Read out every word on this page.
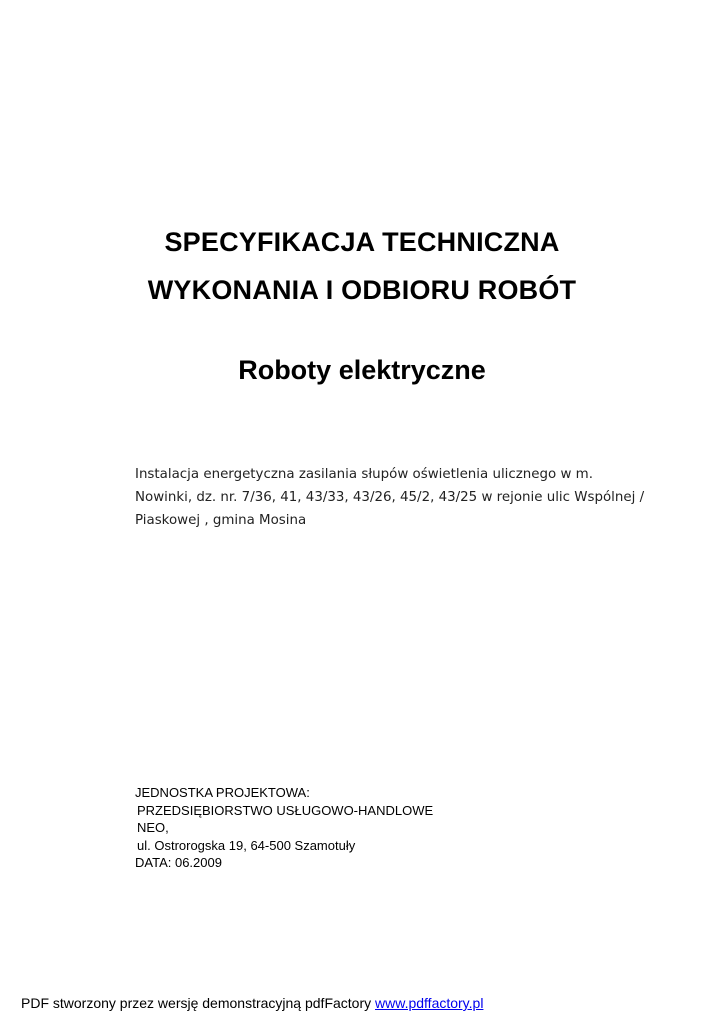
SPECYFIKACJA TECHNICZNA
WYKONANIA I ODBIORU ROBÓT
Roboty elektryczne
Instalacja energetyczna zasilania słupów oświetlenia ulicznego w m.
Nowinki, dz. nr. 7/36, 41, 43/33, 43/26, 45/2, 43/25 w rejonie ulic Wspólnej /
Piaskowej , gmina Mosina
JEDNOSTKA PROJEKTOWA:
PRZEDSIĘBIORSTWO USŁUGOWO-HANDLOWE
NEO,
ul. Ostrorogska 19, 64-500 Szamotuły
DATA: 06.2009
PDF stworzony przez wersję demonstracyjną pdfFactory www.pdffactory.pl
